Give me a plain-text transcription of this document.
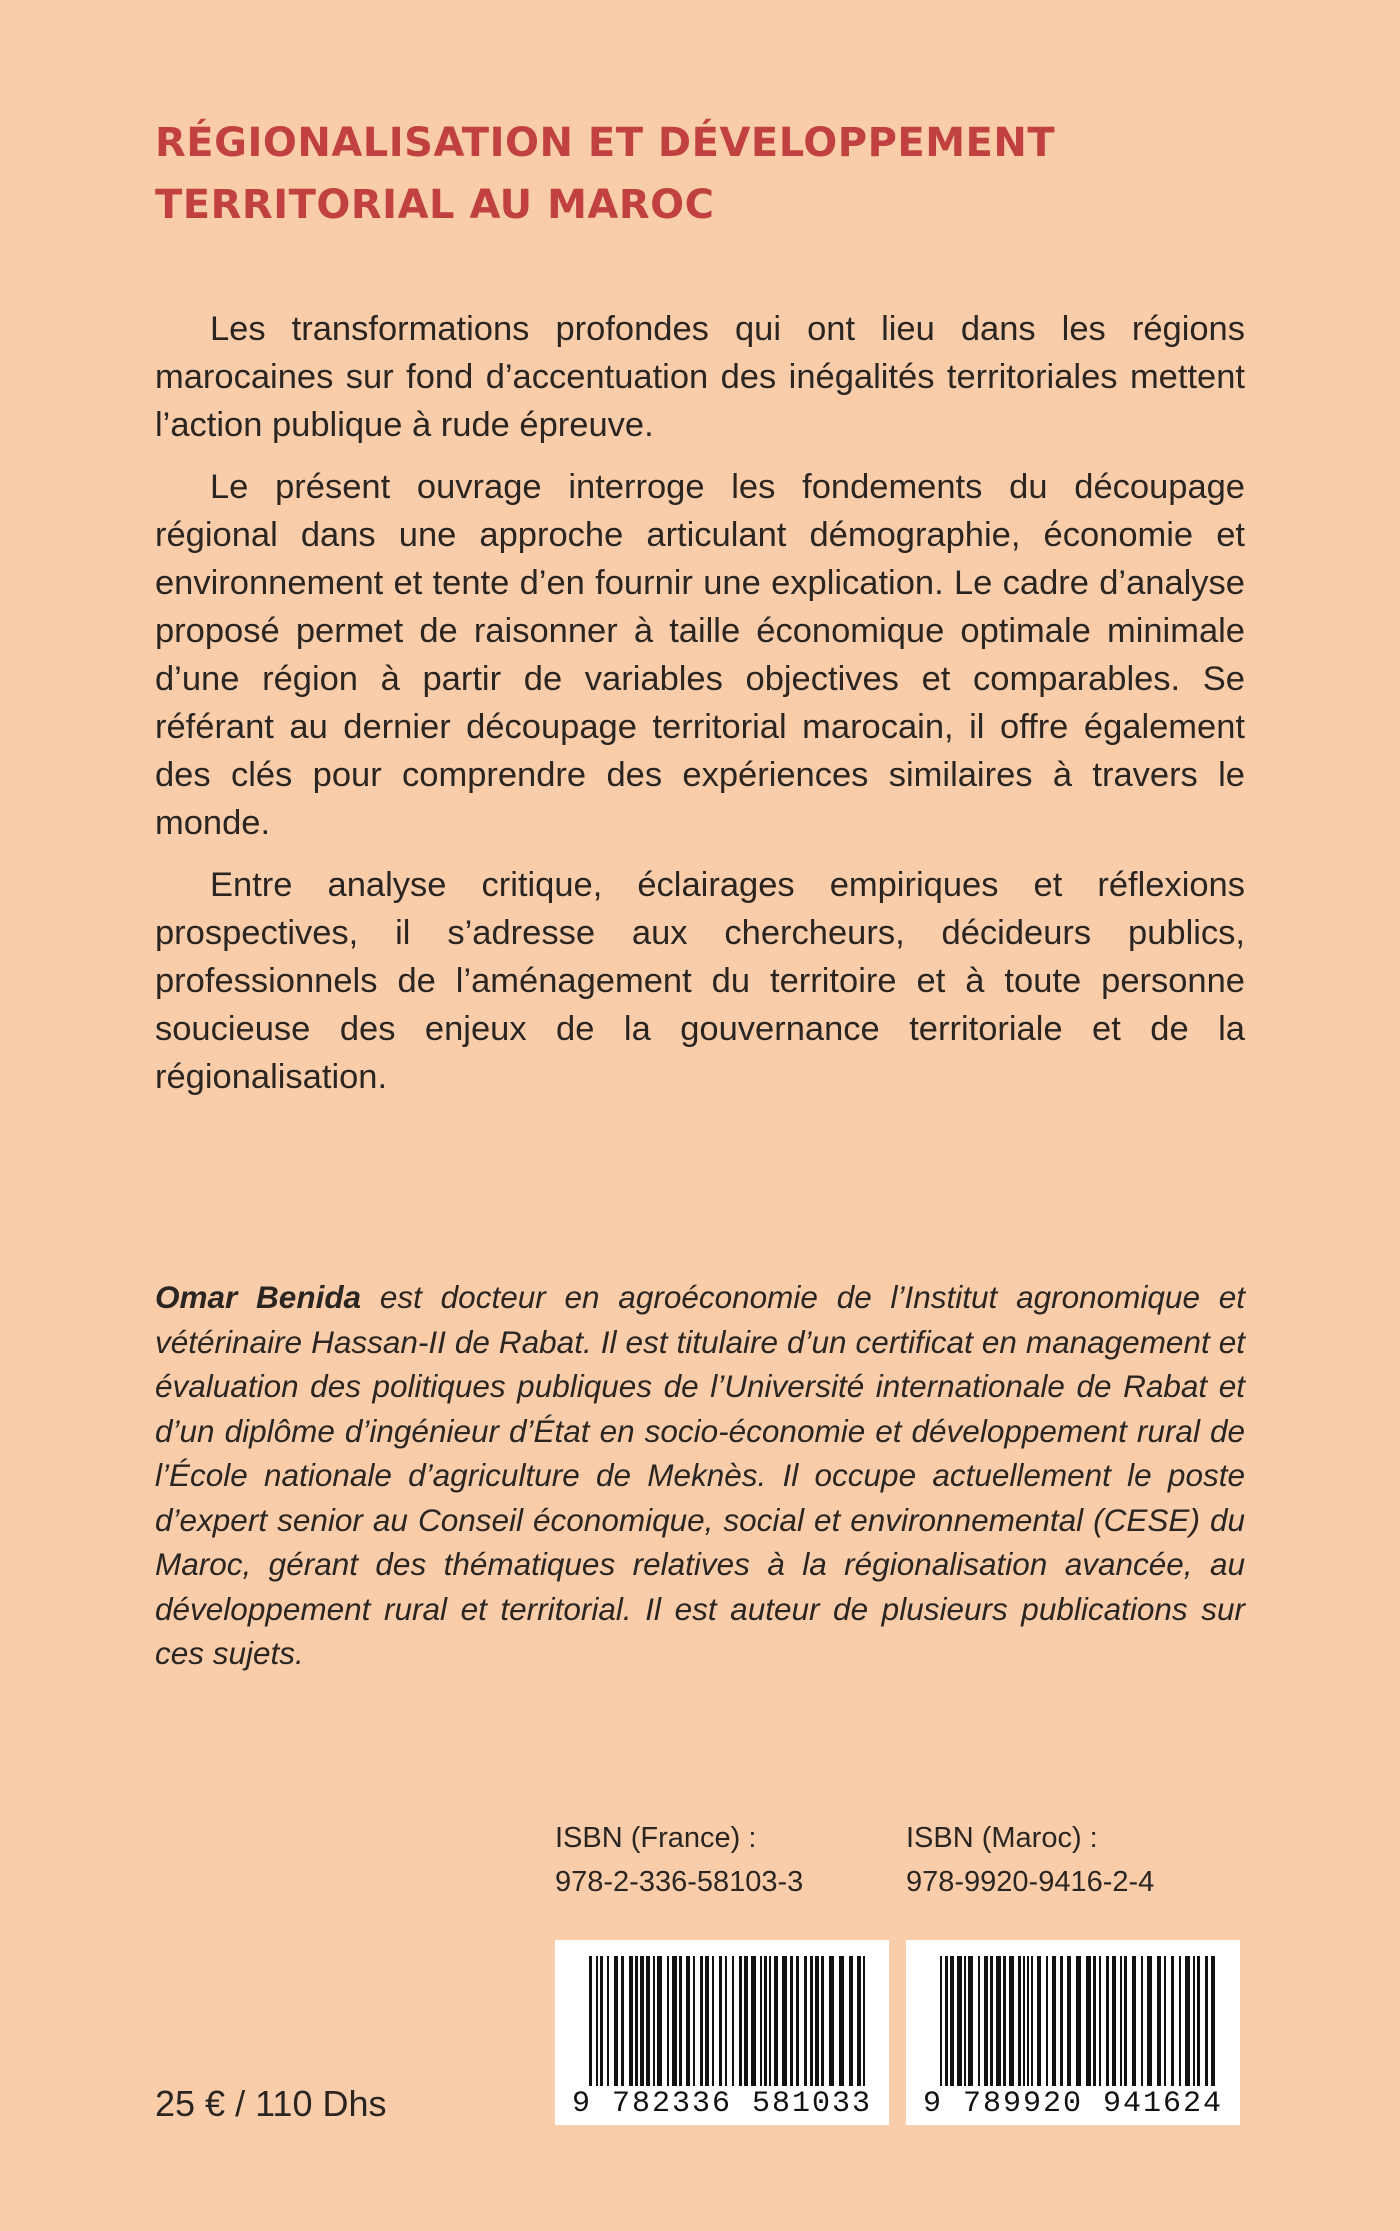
RÉGIONALISATION ET DÉVELOPPEMENT
TERRITORIAL AU MAROC

Les transformations profondes qui ont lieu dans les régions marocaines sur fond d’accentuation des inégalités territoriales mettent l’action publique à rude épreuve.

Le présent ouvrage interroge les fondements du découpage régional dans une approche articulant démographie, économie et environnement et tente d’en fournir une explication. Le cadre d’analyse proposé permet de raisonner à taille économique optimale minimale d’une région à partir de variables objectives et comparables. Se référant au dernier découpage territorial marocain, il offre également des clés pour comprendre des expériences similaires à travers le monde.

Entre analyse critique, éclairages empiriques et réflexions prospectives, il s’adresse aux chercheurs, décideurs publics, professionnels de l’aménagement du territoire et à toute personne soucieuse des enjeux de la gouvernance territoriale et de la régionalisation.

Omar Benida est docteur en agroéconomie de l’Institut agronomique et vétérinaire Hassan-II de Rabat. Il est titulaire d’un certificat en management et évaluation des politiques publiques de l’Université internationale de Rabat et d’un diplôme d’ingénieur d’État en socio-économie et développement rural de l’École nationale d’agriculture de Meknès. Il occupe actuellement le poste d’expert senior au Conseil économique, social et environnemental (CESE) du Maroc, gérant des thématiques relatives à la régionalisation avancée, au développement rural et territorial. Il est auteur de plusieurs publications sur ces sujets.

ISBN (France) :
978-2-336-58103-3
ISBN (Maroc) :
978-9920-9416-2-4
9 782336 581033	9 789920 941624
25 € / 110 Dhs
